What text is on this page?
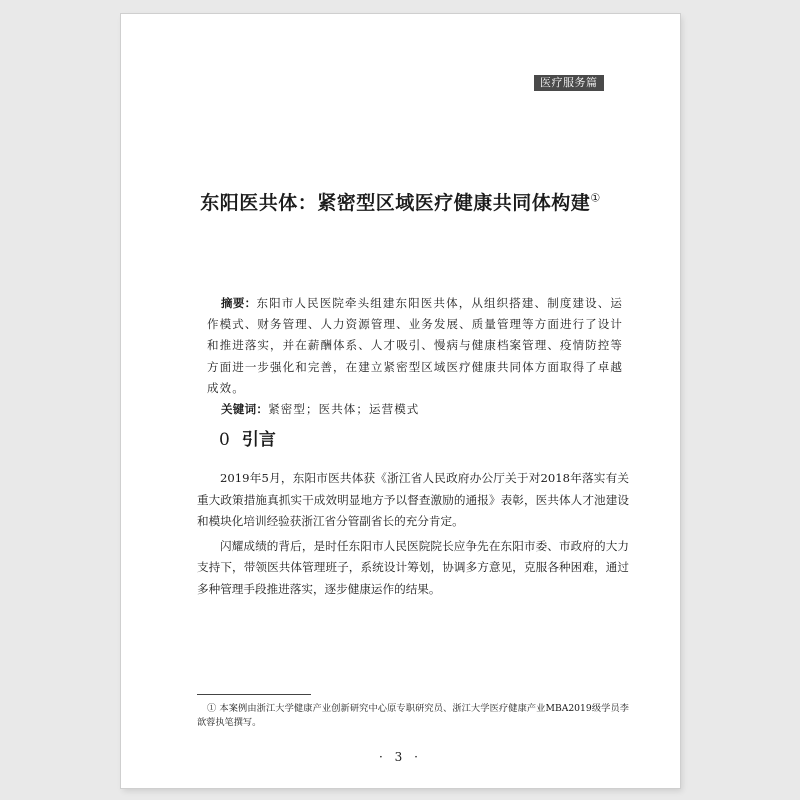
医疗服务篇
东阳医共体：紧密型区域医疗健康共同体构建①

摘要：东阳市人民医院牵头组建东阳医共体，从组织搭建、制度建设、运作模式、财务管理、人力资源管理、业务发展、质量管理等方面进行了设计和推进落实，并在薪酬体系、人才吸引、慢病与健康档案管理、疫情防控等方面进一步强化和完善，在建立紧密型区域医疗健康共同体方面取得了卓越成效。

关键词：紧密型；医共体；运营模式

0 引言

2019年5月，东阳市医共体获《浙江省人民政府办公厅关于对2018年落实有关重大政策措施真抓实干成效明显地方予以督查激励的通报》表彰，医共体人才池建设和模块化培训经验获浙江省分管副省长的充分肯定。

闪耀成绩的背后，是时任东阳市人民医院院长应争先在东阳市委、市政府的大力支持下，带领医共体管理班子，系统设计筹划，协调多方意见，克服各种困难，通过多种管理手段推进落实，逐步健康运作的结果。

① 本案例由浙江大学健康产业创新研究中心原专职研究员、浙江大学医疗健康产业MBA2019级学员李歆蓉执笔撰写。

· 3 ·
